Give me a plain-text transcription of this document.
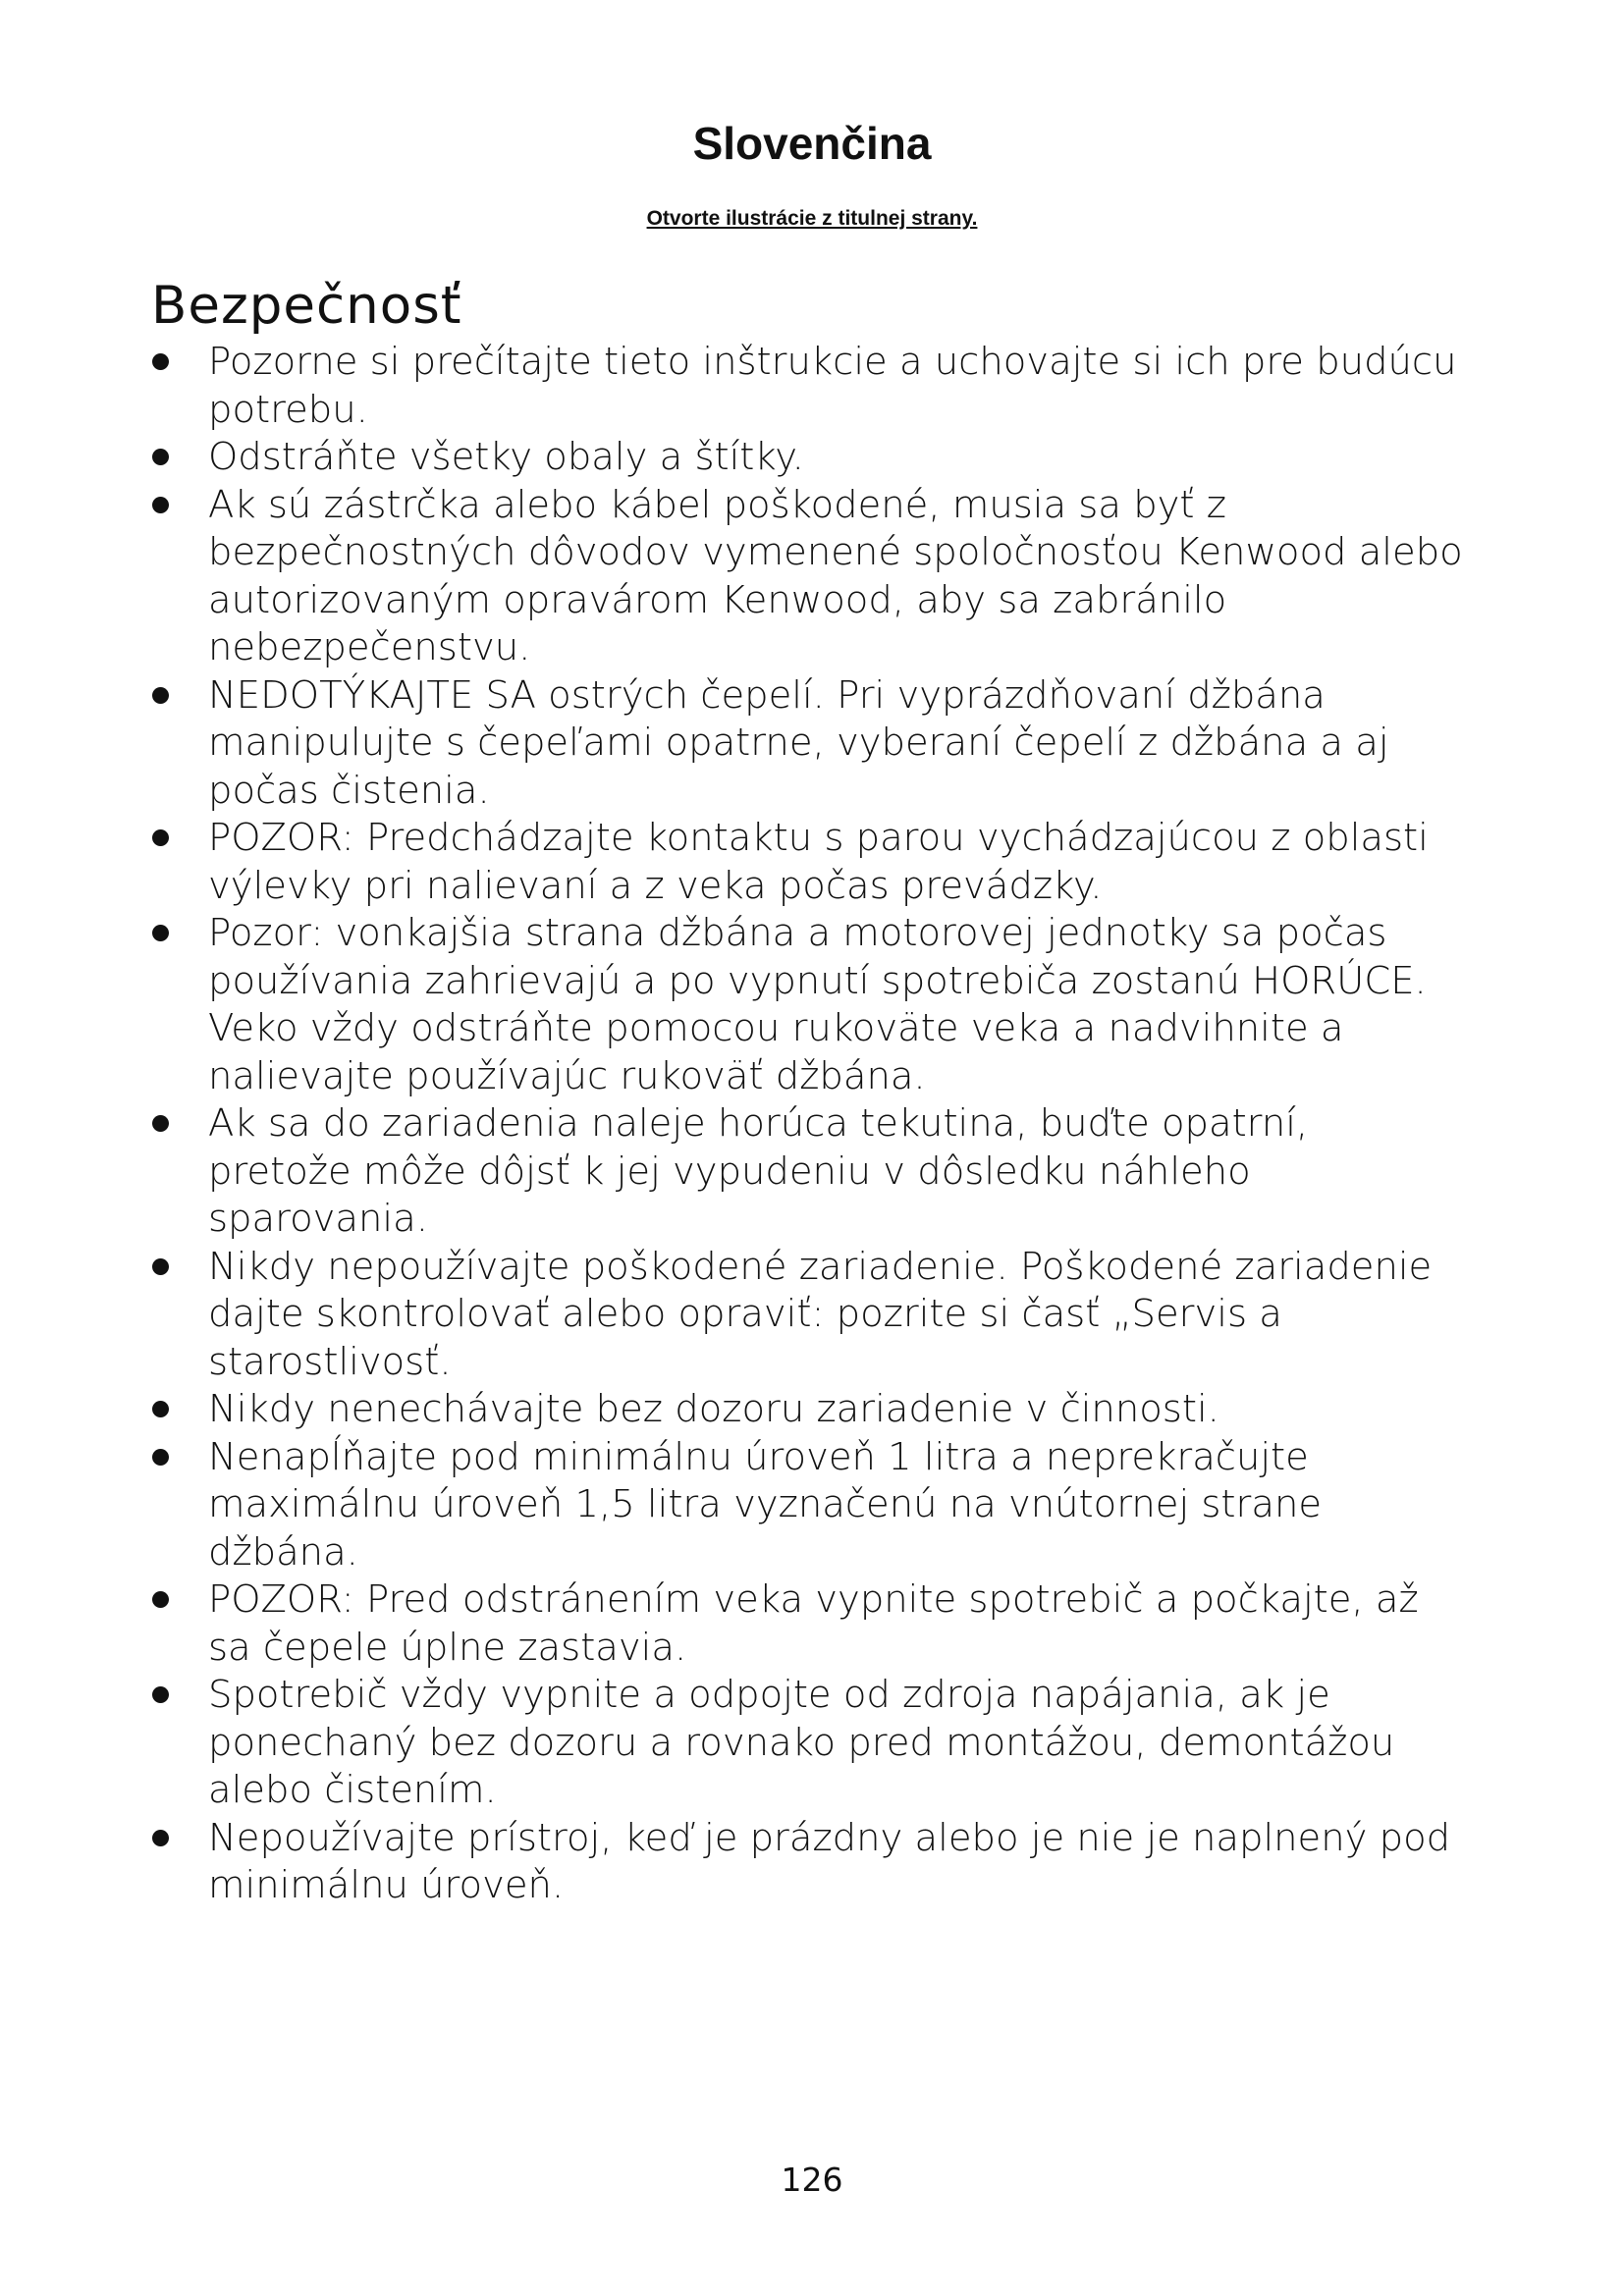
Slovenčina
Otvorte ilustrácie z titulnej strany.
Bezpečnosť
Pozorne si prečítajte tieto inštrukcie a uchovajte si ich pre budúcu potrebu.
Odstráňte všetky obaly a štítky.
Ak sú zástrčka alebo kábel poškodené, musia sa byť z bezpečnostných dôvodov vymenené spoločnosťou Kenwood alebo autorizovaným opravárom Kenwood, aby sa zabránilo nebezpečenstvu.
NEDOTÝKAJTE SA ostrých čepelí. Pri vyprázdňovaní džbána manipulujte s čepeľami opatrne, vyberaní čepelí z džbána a aj počas čistenia.
POZOR: Predchádzajte kontaktu s parou vychádzajúcou z oblasti výlevky pri nalievaní a z veka počas prevádzky.
Pozor: vonkajšia strana džbána a motorovej jednotky sa počas používania zahrievajú a po vypnutí spotrebiča zostanú HORÚCE. Veko vždy odstráňte pomocou rukoväte veka a nadvihnite a nalievajte používajúc rukoväť džbána.
Ak sa do zariadenia naleje horúca tekutina, buďte opatrní, pretože môže dôjsť k jej vypudeniu v dôsledku náhleho sparovania.
Nikdy nepoužívajte poškodené zariadenie. Poškodené zariadenie dajte skontrolovať alebo opraviť: pozrite si časť „Servis a starostlivosť.
Nikdy nenechávajte bez dozoru zariadenie v činnosti.
Nenapĺňajte pod minimálnu úroveň 1 litra a neprekračujte maximálnu úroveň 1,5 litra vyznačenú na vnútornej strane džbána.
POZOR: Pred odstránením veka vypnite spotrebič a počkajte, až sa čepele úplne zastavia.
Spotrebič vždy vypnite a odpojte od zdroja napájania, ak je ponechaný bez dozoru a rovnako pred montážou, demontážou alebo čistením.
Nepoužívajte prístroj, keď je prázdny alebo je nie je naplnený pod minimálnu úroveň.
126
